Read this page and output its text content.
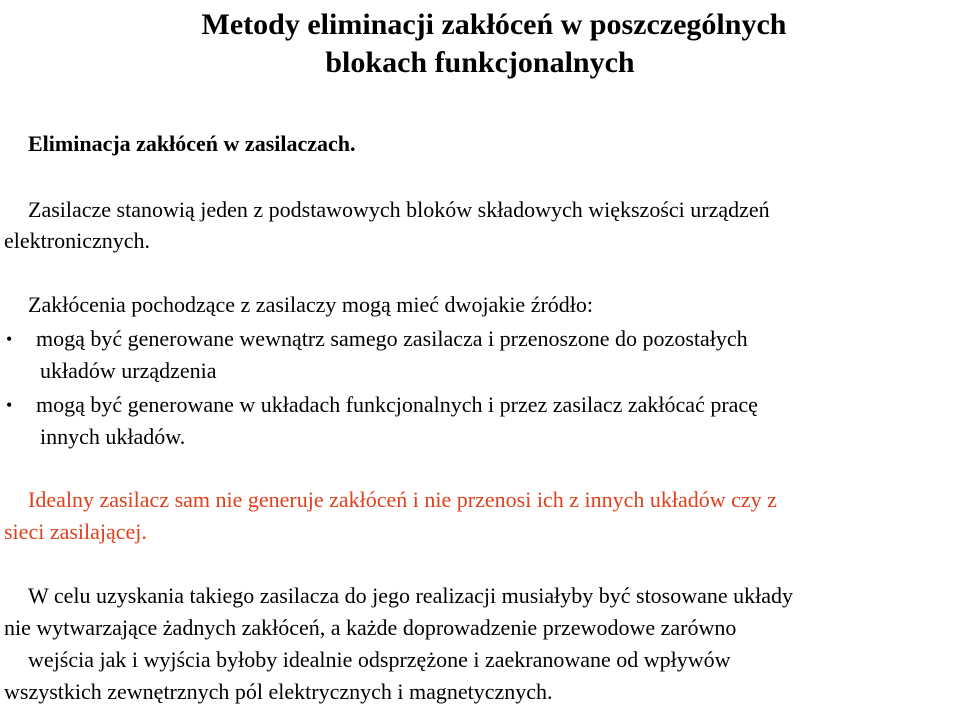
Metody eliminacji zakłóceń w poszczególnych
blokach funkcjonalnych

Eliminacja zakłóceń w zasilaczach.

Zasilacze stanowią jeden z podstawowych bloków składowych większości urządzeń

elektronicznych.

Zakłócenia pochodzące z zasilaczy mogą mieć dwojakie źródło:

• mogą być generowane wewnątrz samego zasilacza i przenoszone do pozostałych

układów urządzenia

• mogą być generowane w układach funkcjonalnych i przez zasilacz zakłócać pracę

innych układów.

Idealny zasilacz sam nie generuje zakłóceń i nie przenosi ich z innych układów czy z

sieci zasilającej.

W celu uzyskania takiego zasilacza do jego realizacji musiałyby być stosowane układy

nie wytwarzające żadnych zakłóceń, a każde doprowadzenie przewodowe zarówno

wejścia jak i wyjścia byłoby idealnie odsprzężone i zaekranowane od wpływów

wszystkich zewnętrznych pól elektrycznych i magnetycznych.
